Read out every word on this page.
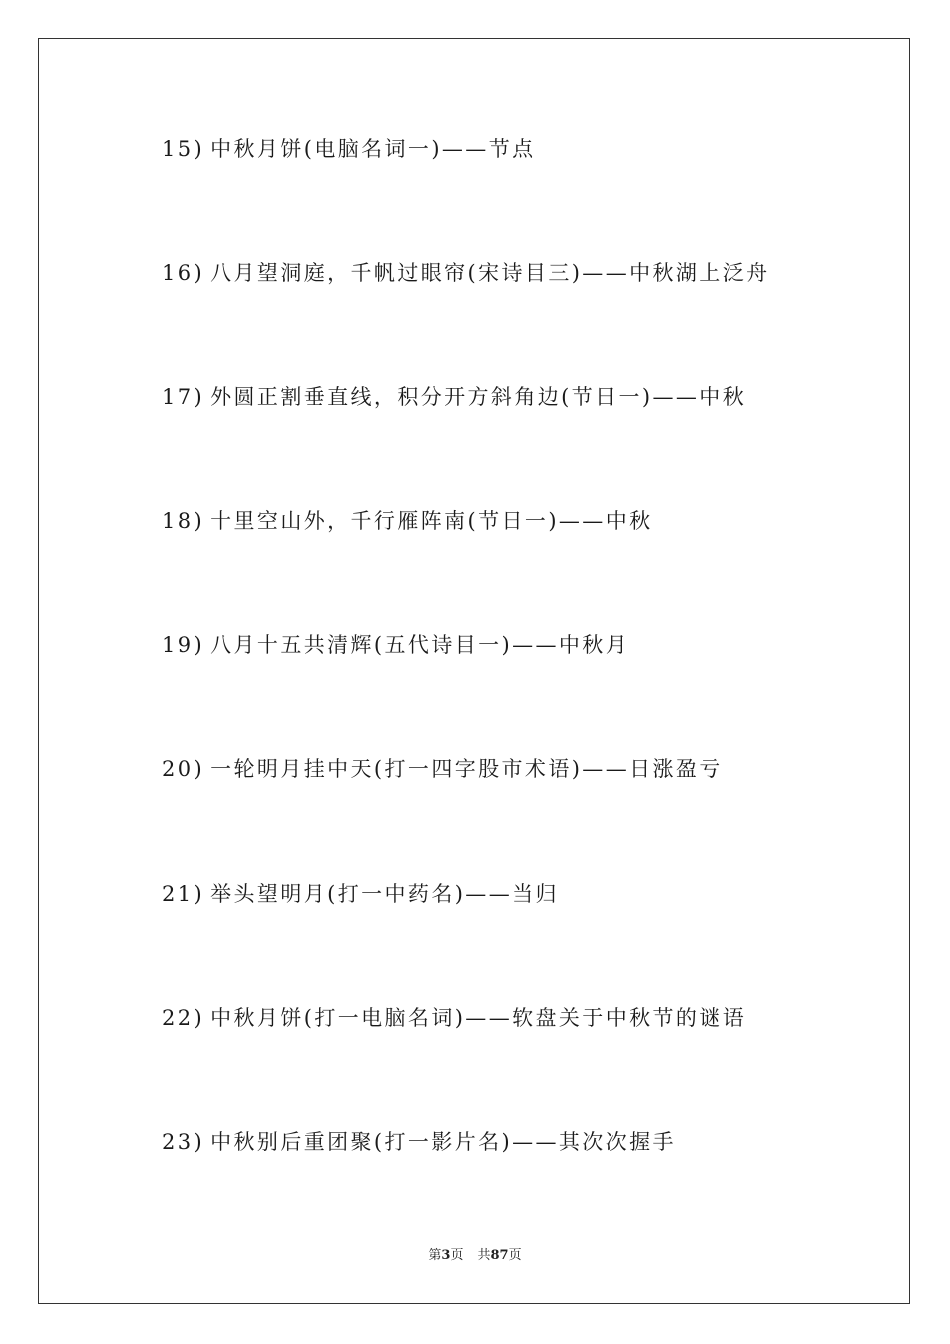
15) 中秋月饼(电脑名词一)——节点
16) 八月望洞庭，千帆过眼帘(宋诗目三)——中秋湖上泛舟
17) 外圆正割垂直线，积分开方斜角边(节日一)——中秋
18) 十里空山外，千行雁阵南(节日一)——中秋
19) 八月十五共清辉(五代诗目一)——中秋月
20) 一轮明月挂中天(打一四字股市术语)——日涨盈亏
21) 举头望明月(打一中药名)——当归
22) 中秋月饼(打一电脑名词)——软盘关于中秋节的谜语
23) 中秋别后重团聚(打一影片名)——其次次握手
第3页 共87页
